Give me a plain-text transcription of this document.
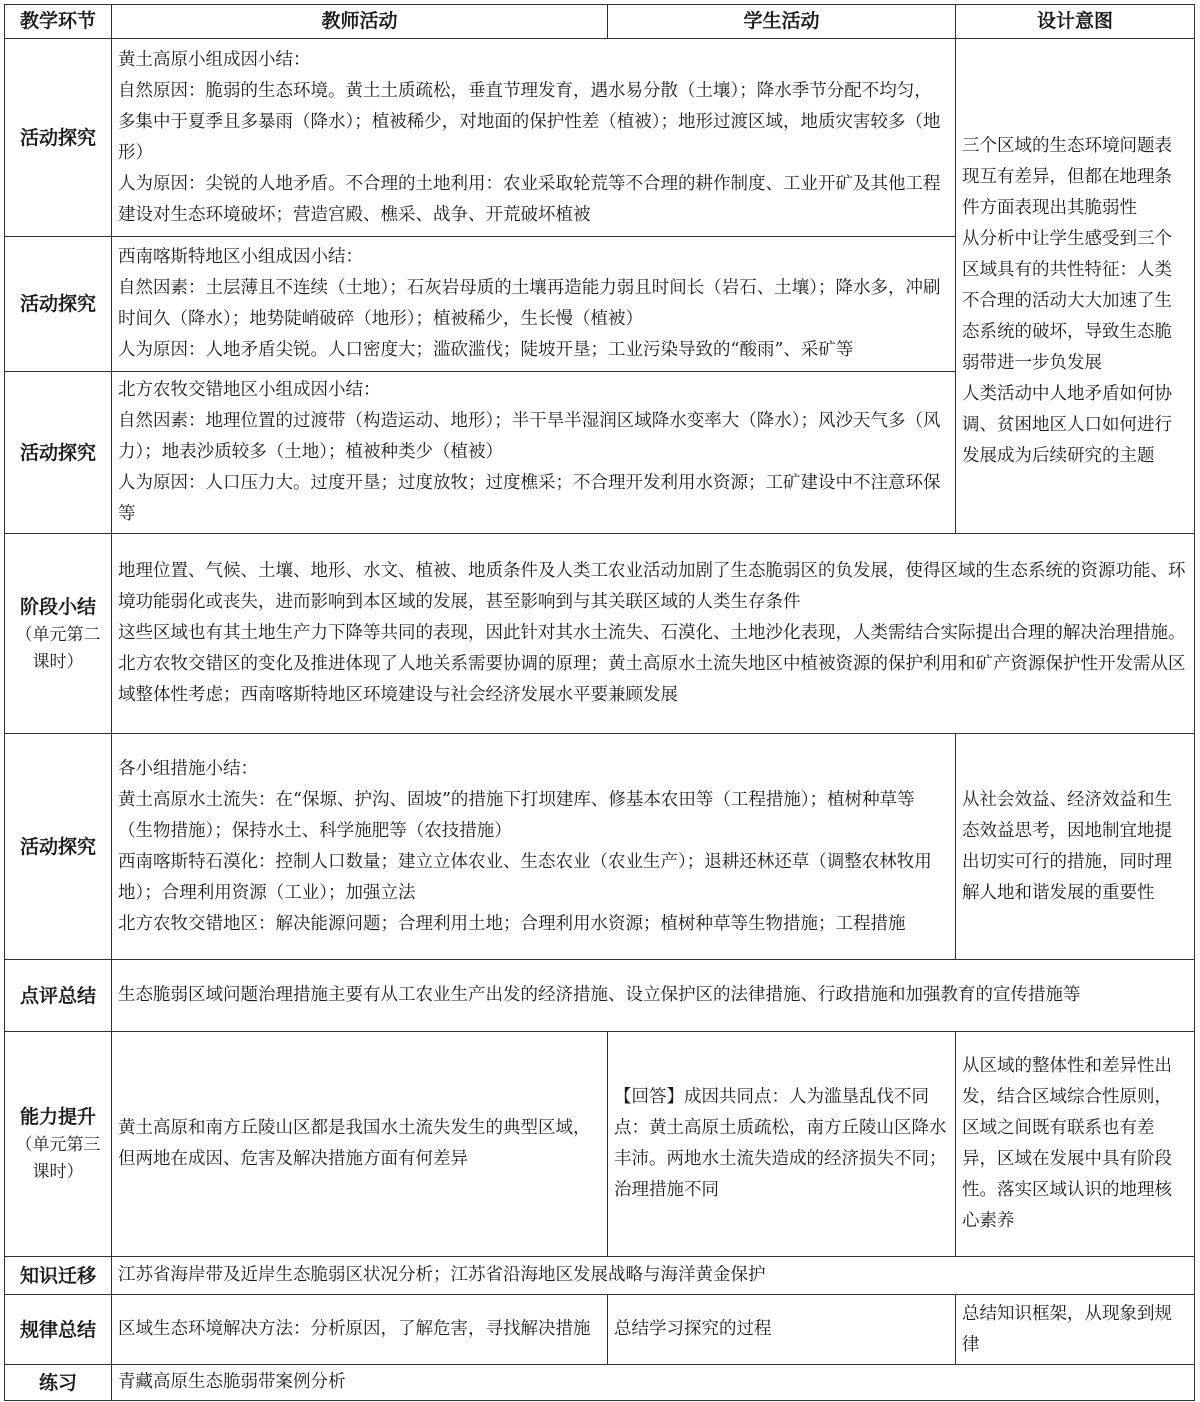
教学环节	教师活动	学生活动	设计意图
活动探究	黄土高原小组成因小结：
自然原因：脆弱的生态环境。黄土土质疏松，垂直节理发育，遇水易分散（土壤）；降水季节分配不均匀，多集中于夏季且多暴雨（降水）；植被稀少，对地面的保护性差（植被）；地形过渡区域，地质灾害较多（地形）
人为原因：尖锐的人地矛盾。不合理的土地利用：农业采取轮荒等不合理的耕作制度、工业开矿及其他工程建设对生态环境破坏；营造宫殿、樵采、战争、开荒破坏植被		三个区域的生态环境问题表现互有差异，但都在地理条件方面表现出其脆弱性
从分析中让学生感受到三个区域具有的共性特征：人类不合理的活动大大加速了生态系统的破坏，导致生态脆弱带进一步负发展
人类活动中人地矛盾如何协调、贫困地区人口如何进行发展成为后续研究的主题

活动探究	西南喀斯特地区小组成因小结：
自然因素：土层薄且不连续（土地）；石灰岩母质的土壤再造能力弱且时间长（岩石、土壤）；降水多，冲刷时间久（降水）；地势陡峭破碎（地形）；植被稀少，生长慢（植被）
人为原因：人地矛盾尖锐。人口密度大；滥砍滥伐；陡坡开垦；工业污染导致的“酸雨”、采矿等		

活动探究	北方农牧交错地区小组成因小结：
自然因素：地理位置的过渡带（构造运动、地形）；半干旱半湿润区域降水变率大（降水）；风沙天气多（风力）；地表沙质较多（土地）；植被种类少（植被）
人为原因：人口压力大。过度开垦；过度放牧；过度樵采；不合理开发利用水资源；工矿建设中不注意环保等		

阶段小结
（单元第二课时）	地理位置、气候、土壤、地形、水文、植被、地质条件及人类工农业活动加剧了生态脆弱区的负发展，使得区域的生态系统的资源功能、环境功能弱化或丧失，进而影响到本区域的发展，甚至影响到与其关联区域的人类生存条件
这些区域也有其土地生产力下降等共同的表现，因此针对其水土流失、石漠化、土地沙化表现，人类需结合实际提出合理的解决治理措施。北方农牧交错区的变化及推进体现了人地关系需要协调的原理；黄土高原水土流失地区中植被资源的保护利用和矿产资源保护性开发需从区域整体性考虑；西南喀斯特地区环境建设与社会经济发展水平要兼顾发展		

活动探究	各小组措施小结：
黄土高原水土流失：在“保塬、护沟、固坡”的措施下打坝建库、修基本农田等（工程措施）；植树种草等（生物措施）；保持水土、科学施肥等（农技措施）
西南喀斯特石漠化：控制人口数量；建立立体农业、生态农业（农业生产）；退耕还林还草（调整农林牧用地）；合理利用资源（工业）；加强立法
北方农牧交错地区：解决能源问题；合理利用土地；合理利用水资源；植树种草等生物措施；工程措施		从社会效益、经济效益和生态效益思考，因地制宜地提出切实可行的措施，同时理解人地和谐发展的重要性
点评总结	生态脆弱区域问题治理措施主要有从工农业生产出发的经济措施、设立保护区的法律措施、行政措施和加强教育的宣传措施等		
能力提升
（单元第三课时）	黄土高原和南方丘陵山区都是我国水土流失发生的典型区域，但两地在成因、危害及解决措施方面有何差异	【回答】成因共同点：人为滥垦乱伐不同点：黄土高原土质疏松，南方丘陵山区降水丰沛。两地水土流失造成的经济损失不同；治理措施不同	从区域的整体性和差异性出发，结合区域综合性原则，区域之间既有联系也有差异，区域在发展中具有阶段性。落实区域认识的地理核心素养
知识迁移	江苏省海岸带及近岸生态脆弱区状况分析；江苏省沿海地区发展战略与海洋黄金保护		
规律总结	区域生态环境解决方法：分析原因，了解危害，寻找解决措施	总结学习探究的过程	总结知识框架，从现象到规律
练习	青藏高原生态脆弱带案例分析		
